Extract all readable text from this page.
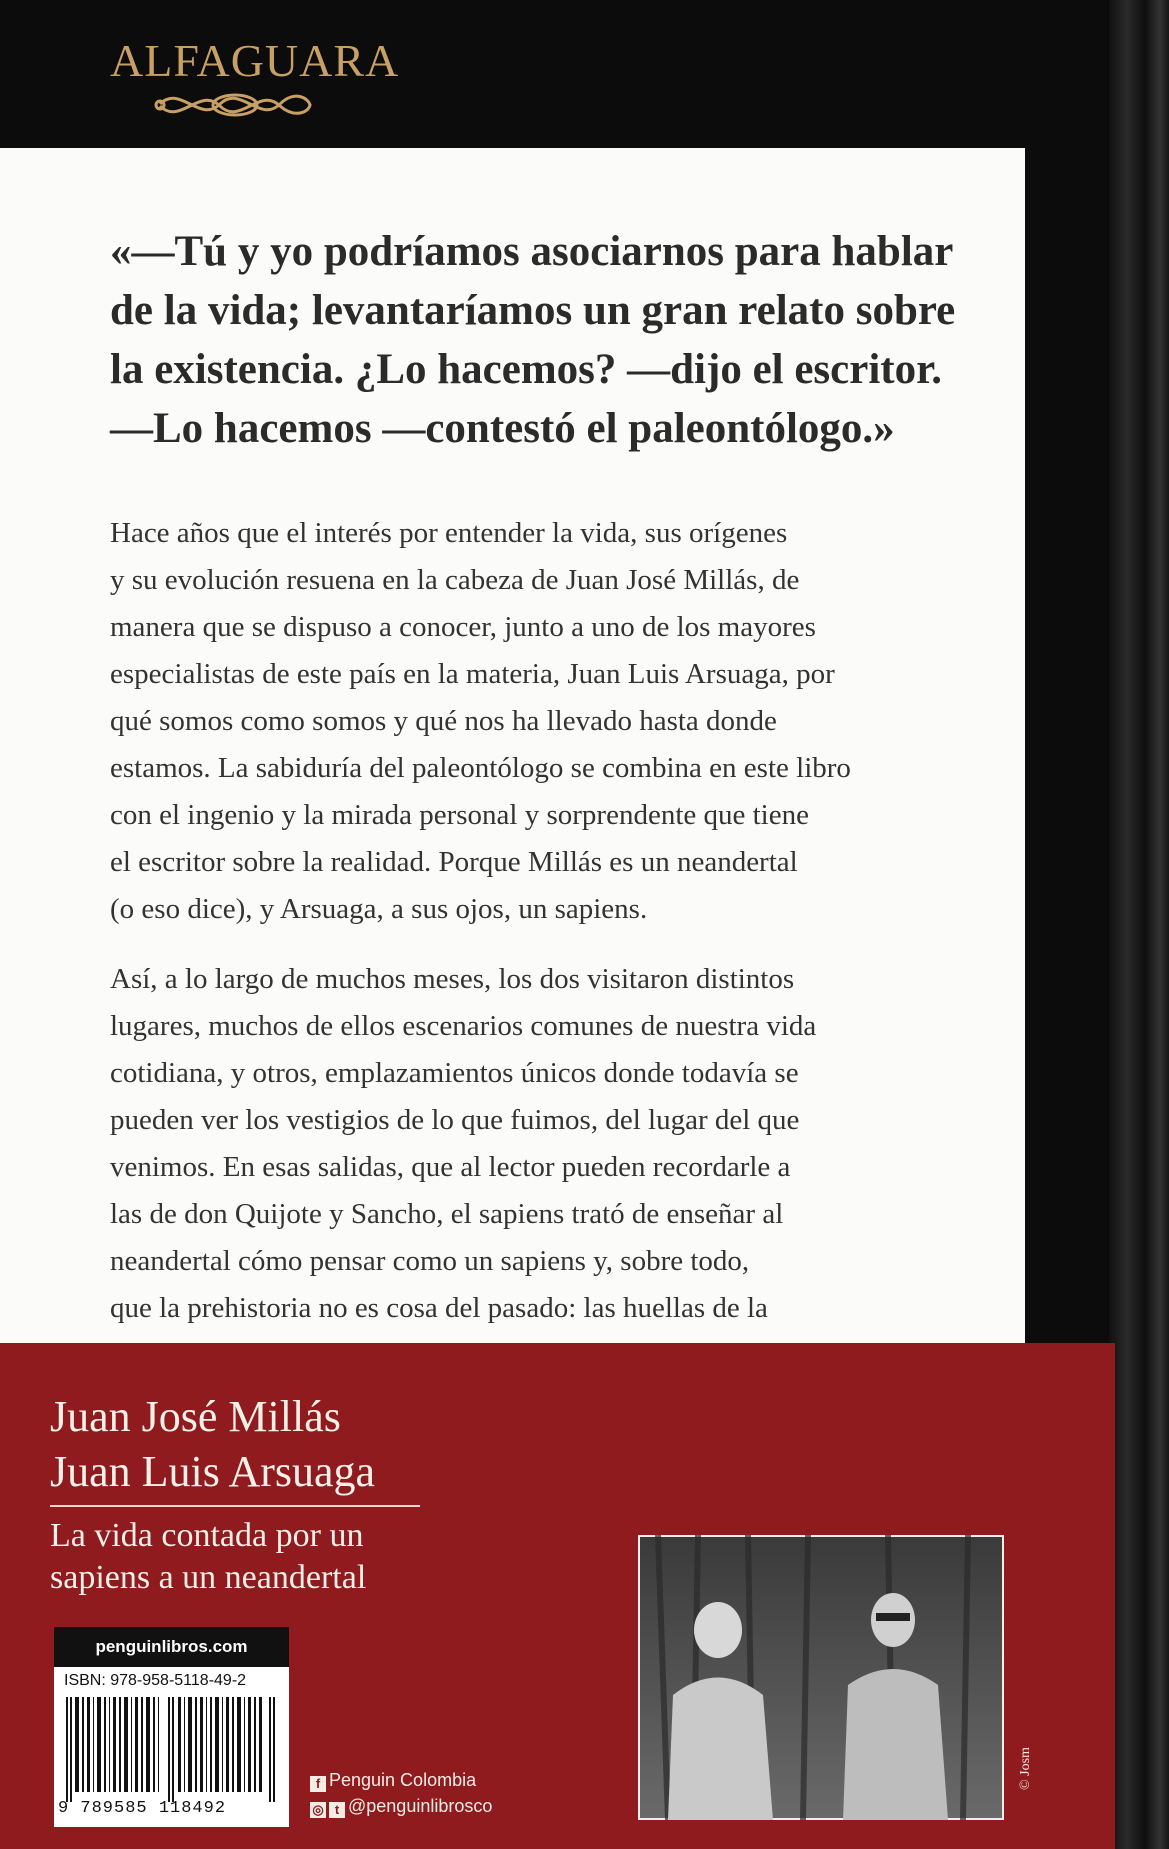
ALFAGUARA
«—Tú y yo podríamos asociarnos para hablar
de la vida; levantaríamos un gran relato sobre
la existencia. ¿Lo hacemos? —dijo el escritor.
—Lo hacemos —contestó el paleontólogo.»
Hace años que el interés por entender la vida, sus orígenes
y su evolución resuena en la cabeza de Juan José Millás, de
manera que se dispuso a conocer, junto a uno de los mayores
especialistas de este país en la materia, Juan Luis Arsuaga, por
qué somos como somos y qué nos ha llevado hasta donde
estamos. La sabiduría del paleontólogo se combina en este libro
con el ingenio y la mirada personal y sorprendente que tiene
el escritor sobre la realidad. Porque Millás es un neandertal
(o eso dice), y Arsuaga, a sus ojos, un sapiens.
Así, a lo largo de muchos meses, los dos visitaron distintos
lugares, muchos de ellos escenarios comunes de nuestra vida
cotidiana, y otros, emplazamientos únicos donde todavía se
pueden ver los vestigios de lo que fuimos, del lugar del que
venimos. En esas salidas, que al lector pueden recordarle a
las de don Quijote y Sancho, el sapiens trató de enseñar al
neandertal cómo pensar como un sapiens y, sobre todo,
que la prehistoria no es cosa del pasado: las huellas de la
Juan José Millás
Juan Luis Arsuaga
La vida contada por un
sapiens a un neandertal
penguinlibros.com
ISBN: 978-958-5118-49-2
9 789585 118492
f Penguin Colombia
◎ t @penguinlibrosco
© Josm
